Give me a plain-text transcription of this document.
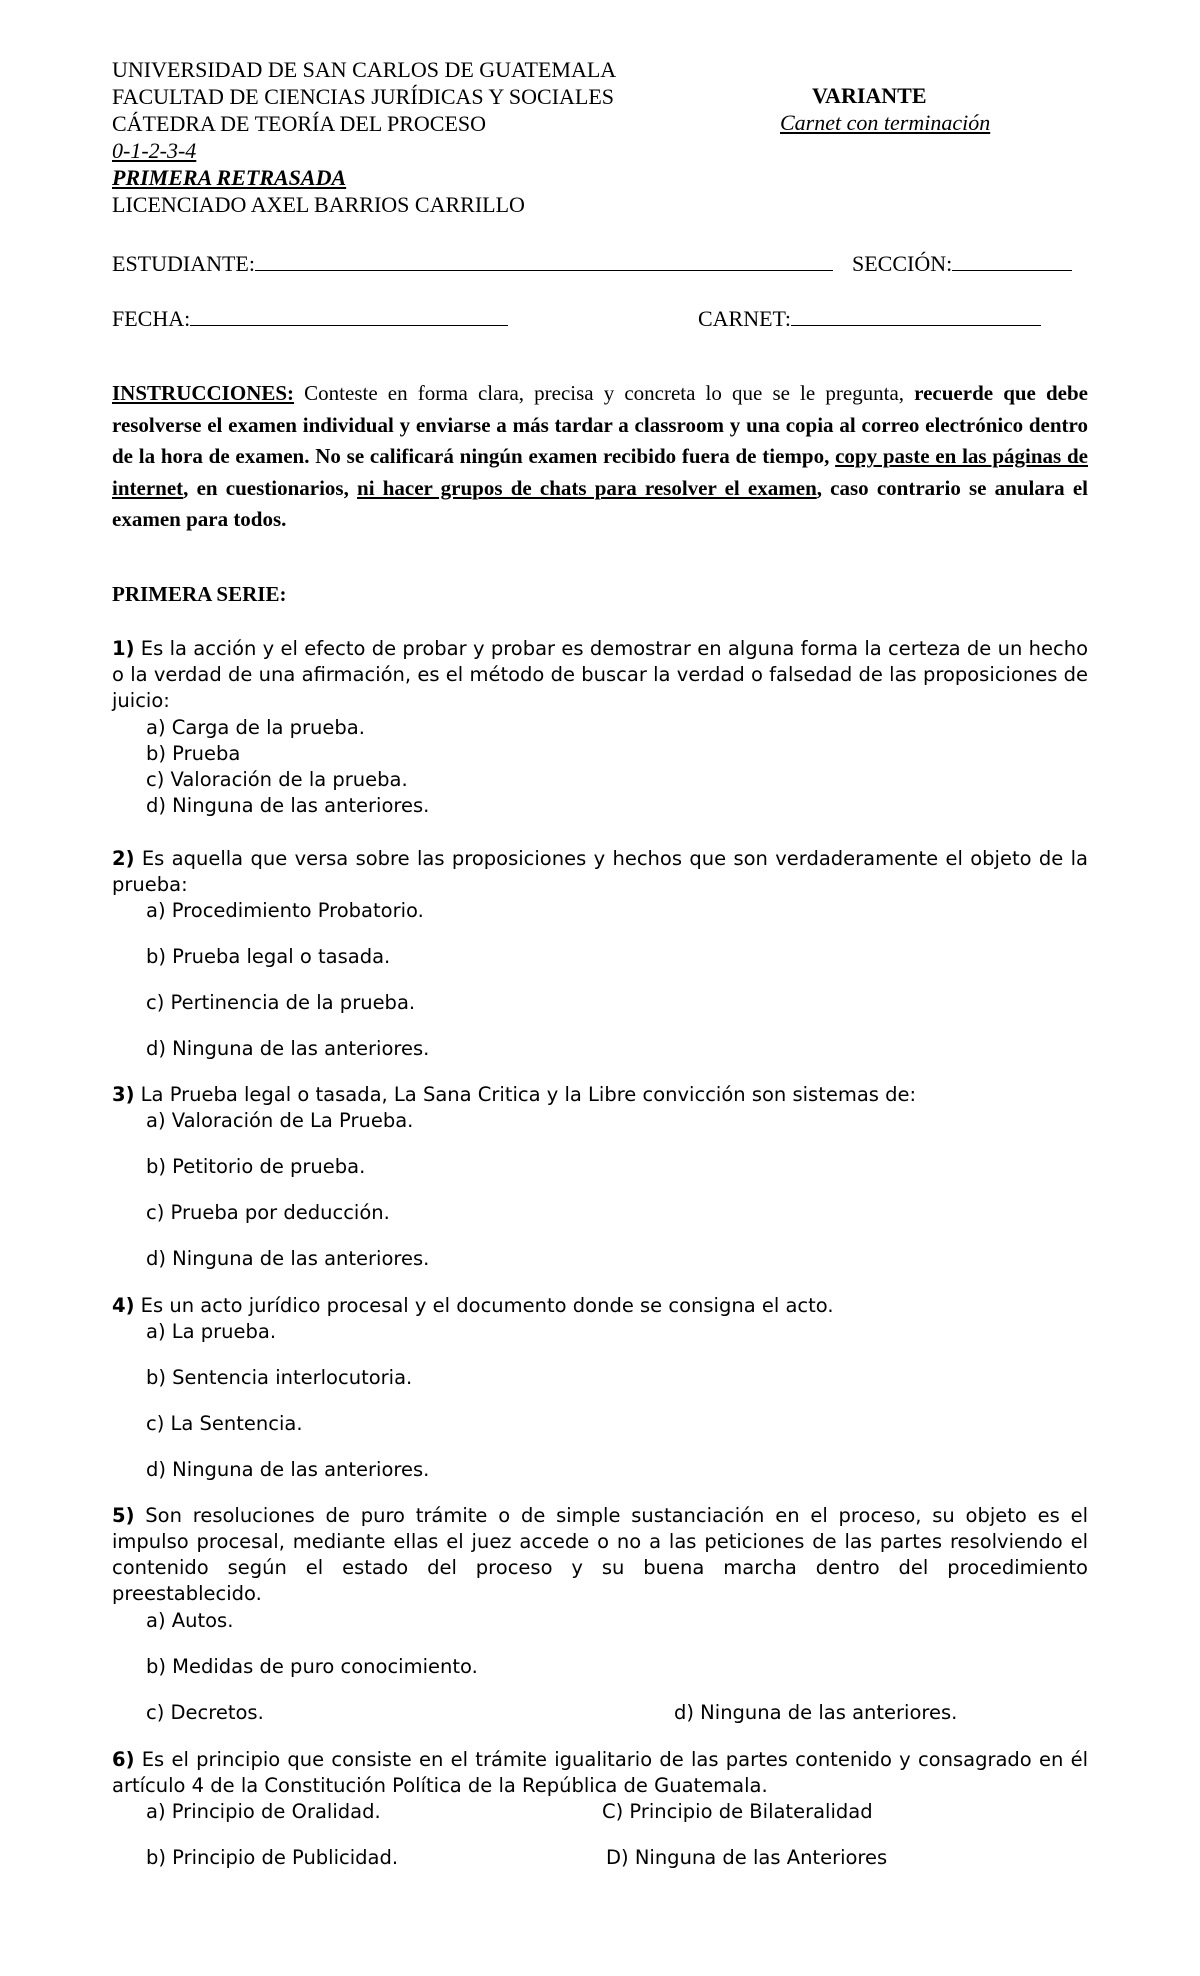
UNIVERSIDAD DE SAN CARLOS DE GUATEMALA
FACULTAD DE CIENCIAS JURÍDICAS Y SOCIALES
CÁTEDRA DE TEORÍA DEL PROCESO
0-1-2-3-4
PRIMERA RETRASADA
LICENCIADO AXEL BARRIOS CARRILLO
VARIANTE
Carnet con terminación
ESTUDIANTE:	SECCIÓN:
FECHA:	CARNET:
INSTRUCCIONES: Conteste en forma clara, precisa y concreta lo que se le pregunta, recuerde que debe resolverse el examen individual y enviarse a más tardar a classroom y una copia al correo electrónico dentro de la hora de examen. No se calificará ningún examen recibido fuera de tiempo, copy paste en las páginas de internet, en cuestionarios, ni hacer grupos de chats para resolver el examen, caso contrario se anulara el examen para todos.
PRIMERA SERIE:
1) Es la acción y el efecto de probar y probar es demostrar en alguna forma la certeza de un hecho o la verdad de una afirmación, es el método de buscar la verdad o falsedad de las proposiciones de juicio:
a) Carga de la prueba.
b) Prueba
c) Valoración de la prueba.
d) Ninguna de las anteriores.
2) Es aquella que versa sobre las proposiciones y hechos que son verdaderamente el objeto de la prueba:
a) Procedimiento Probatorio.
b) Prueba legal o tasada.
c) Pertinencia de la prueba.
d) Ninguna de las anteriores.
3) La Prueba legal o tasada, La Sana Critica y la Libre convicción son sistemas de:
a) Valoración de La Prueba.
b) Petitorio de prueba.
c) Prueba por deducción.
d) Ninguna de las anteriores.
4) Es un acto jurídico procesal y el documento donde se consigna el acto.
a) La prueba.
b) Sentencia interlocutoria.
c) La Sentencia.
d) Ninguna de las anteriores.
5) Son resoluciones de puro trámite o de simple sustanciación en el proceso, su objeto es el impulso procesal, mediante ellas el juez accede o no a las peticiones de las partes resolviendo el contenido según el estado del proceso y su buena marcha dentro del procedimiento preestablecido.
a) Autos.
b) Medidas de puro conocimiento.
c) Decretos.	d) Ninguna de las anteriores.
6) Es el principio que consiste en el trámite igualitario de las partes contenido y consagrado en él artículo 4 de la Constitución Política de la República de Guatemala.
a) Principio de Oralidad.	C) Principio de Bilateralidad
b) Principio de Publicidad.	D) Ninguna de las Anteriores
